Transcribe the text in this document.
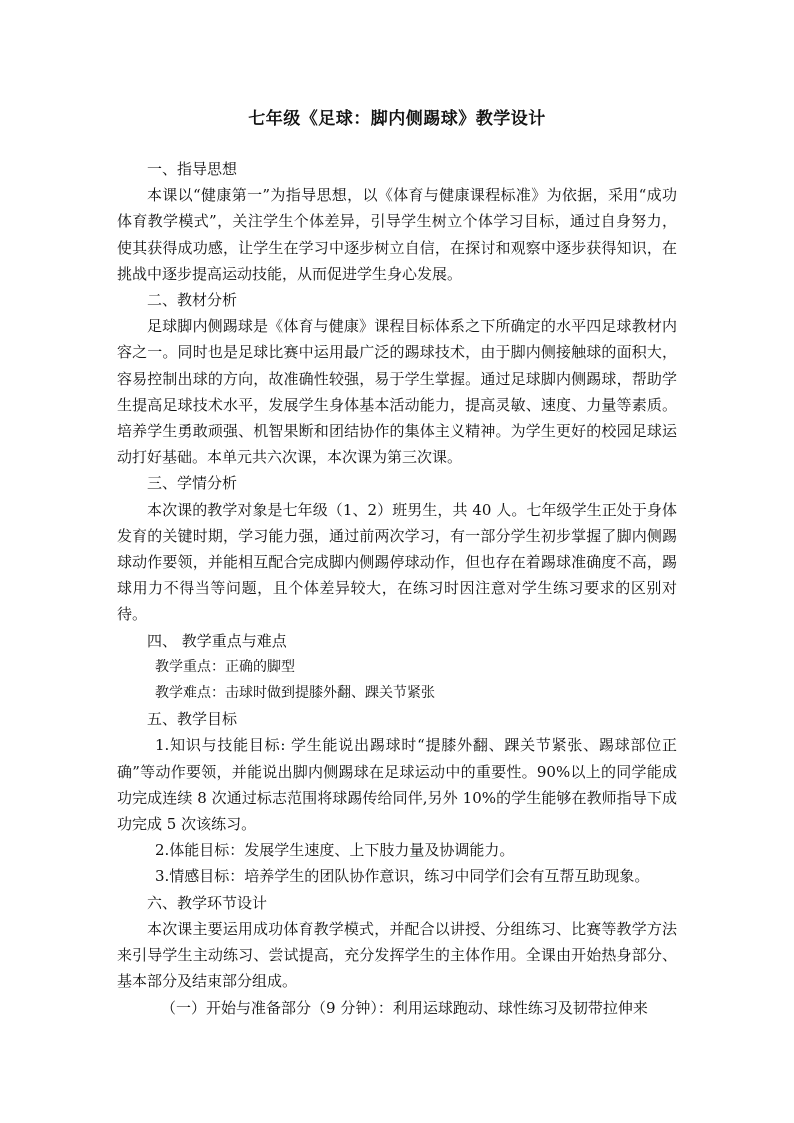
七年级《足球：脚内侧踢球》教学设计

一、指导思想

本课以“健康第一”为指导思想，以《体育与健康课程标准》为依据，采用“成功体育教学模式”，关注学生个体差异，引导学生树立个体学习目标，通过自身努力，使其获得成功感，让学生在学习中逐步树立自信，在探讨和观察中逐步获得知识，在挑战中逐步提高运动技能，从而促进学生身心发展。

二、教材分析

足球脚内侧踢球是《体育与健康》课程目标体系之下所确定的水平四足球教材内容之一。同时也是足球比赛中运用最广泛的踢球技术，由于脚内侧接触球的面积大，容易控制出球的方向，故准确性较强，易于学生掌握。通过足球脚内侧踢球，帮助学生提高足球技术水平，发展学生身体基本活动能力，提高灵敏、速度、力量等素质。培养学生勇敢顽强、机智果断和团结协作的集体主义精神。为学生更好的校园足球运动打好基础。本单元共六次课，本次课为第三次课。

三、学情分析

本次课的教学对象是七年级（1、2）班男生，共 40 人。七年级学生正处于身体发育的关键时期，学习能力强，通过前两次学习，有一部分学生初步掌握了脚内侧踢球动作要领，并能相互配合完成脚内侧踢停球动作，但也存在着踢球准确度不高，踢球用力不得当等问题，且个体差异较大，在练习时因注意对学生练习要求的区别对待。

四、 教学重点与难点

教学重点：正确的脚型

教学难点：击球时做到提膝外翻、踝关节紧张

五、教学目标

1.知识与技能目标: 学生能说出踢球时“提膝外翻、踝关节紧张、踢球部位正确”等动作要领，并能说出脚内侧踢球在足球运动中的重要性。90%以上的同学能成功完成连续 8 次通过标志范围将球踢传给同伴,另外 10%的学生能够在教师指导下成功完成 5 次该练习。

2.体能目标：发展学生速度、上下肢力量及协调能力。

3.情感目标：培养学生的团队协作意识，练习中同学们会有互帮互助现象。

六、教学环节设计

本次课主要运用成功体育教学模式，并配合以讲授、分组练习、比赛等教学方法来引导学生主动练习、尝试提高，充分发挥学生的主体作用。全课由开始热身部分、基本部分及结束部分组成。

（一）开始与准备部分（9 分钟）：利用运球跑动、球性练习及韧带拉伸来
